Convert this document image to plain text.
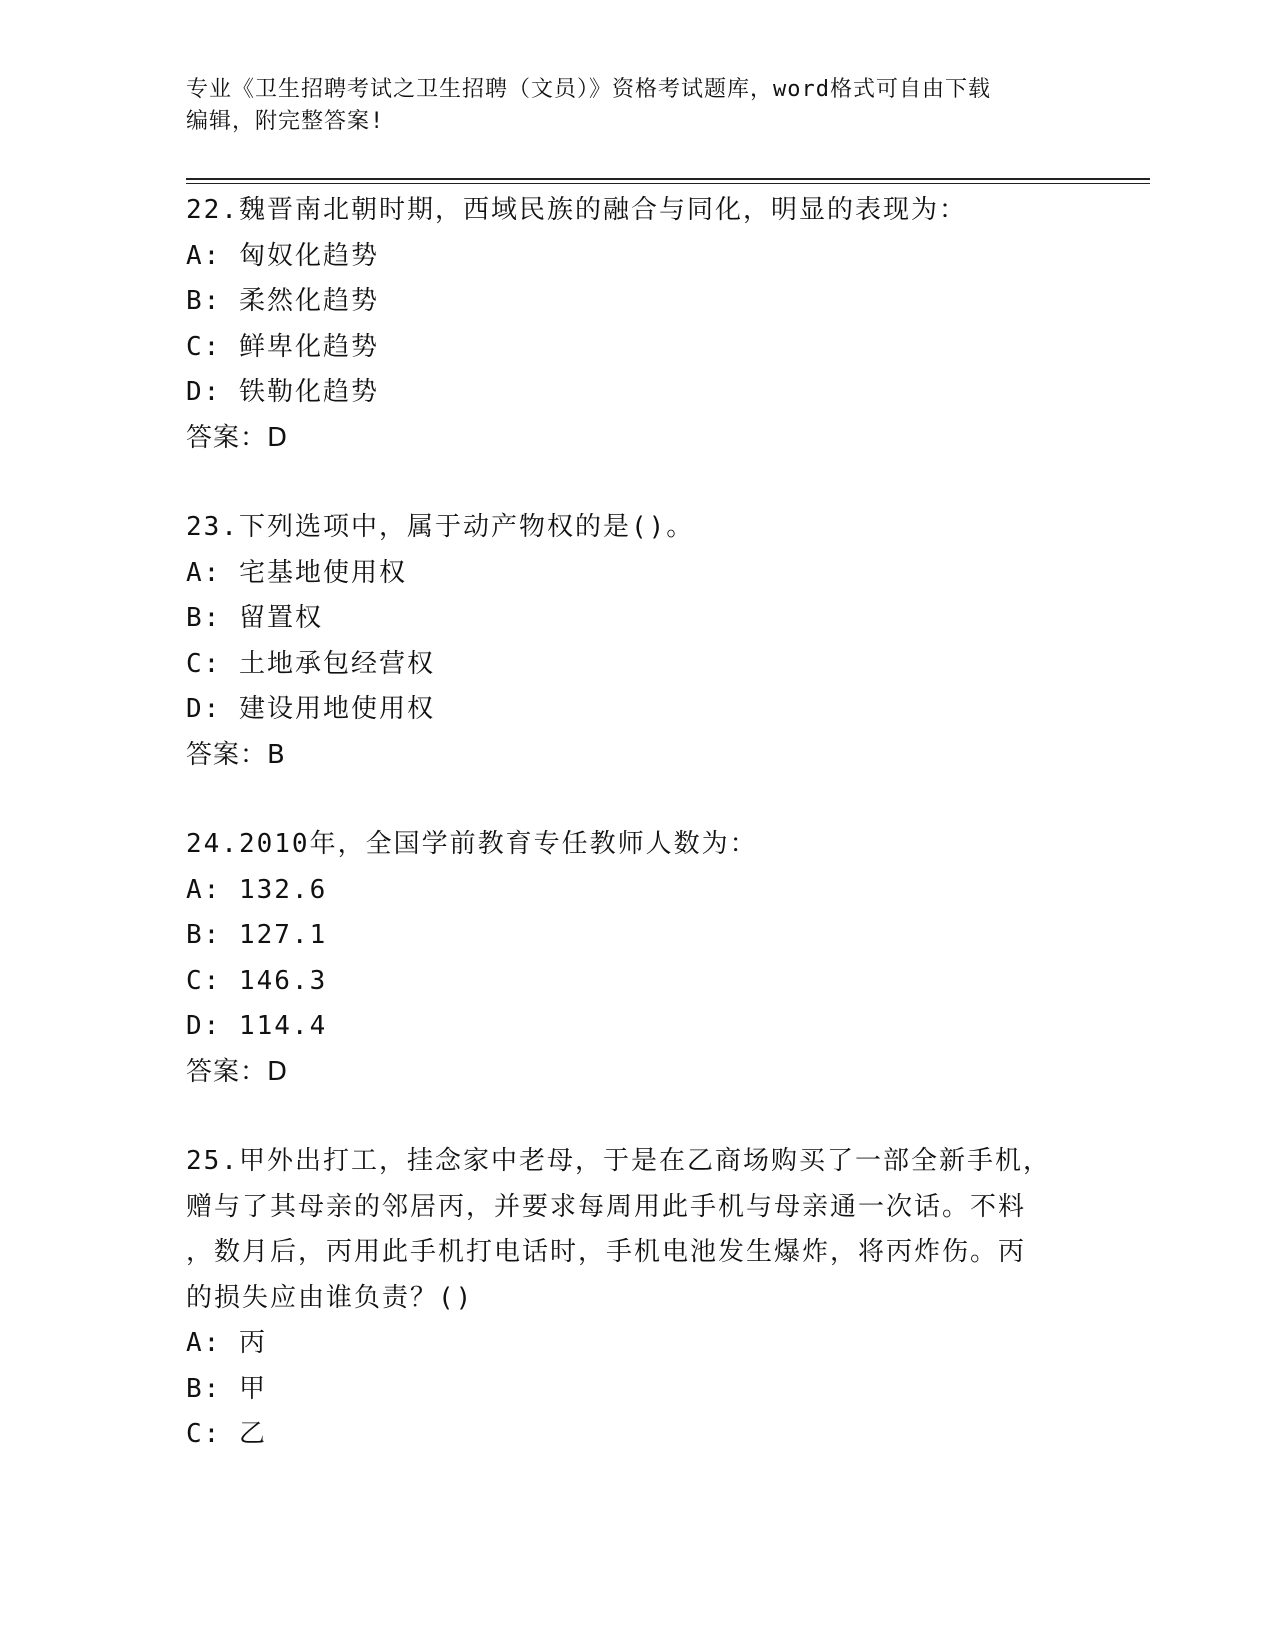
专业《卫生招聘考试之卫生招聘（文员）》资格考试题库，word格式可自由下载
编辑，附完整答案!
22.魏晋南北朝时期，西域民族的融合与同化，明显的表现为：
A: 匈奴化趋势
B: 柔然化趋势
C: 鲜卑化趋势
D: 铁勒化趋势
答案：D
23.下列选项中，属于动产物权的是()。
A: 宅基地使用权
B: 留置权
C: 土地承包经营权
D: 建设用地使用权
答案：B
24.2010年，全国学前教育专任教师人数为：
A: 132.6
B: 127.1
C: 146.3
D: 114.4
答案：D
25.甲外出打工，挂念家中老母，于是在乙商场购买了一部全新手机，
赠与了其母亲的邻居丙，并要求每周用此手机与母亲通一次话。不料
，数月后，丙用此手机打电话时，手机电池发生爆炸，将丙炸伤。丙
的损失应由谁负责？()
A: 丙
B: 甲
C: 乙
